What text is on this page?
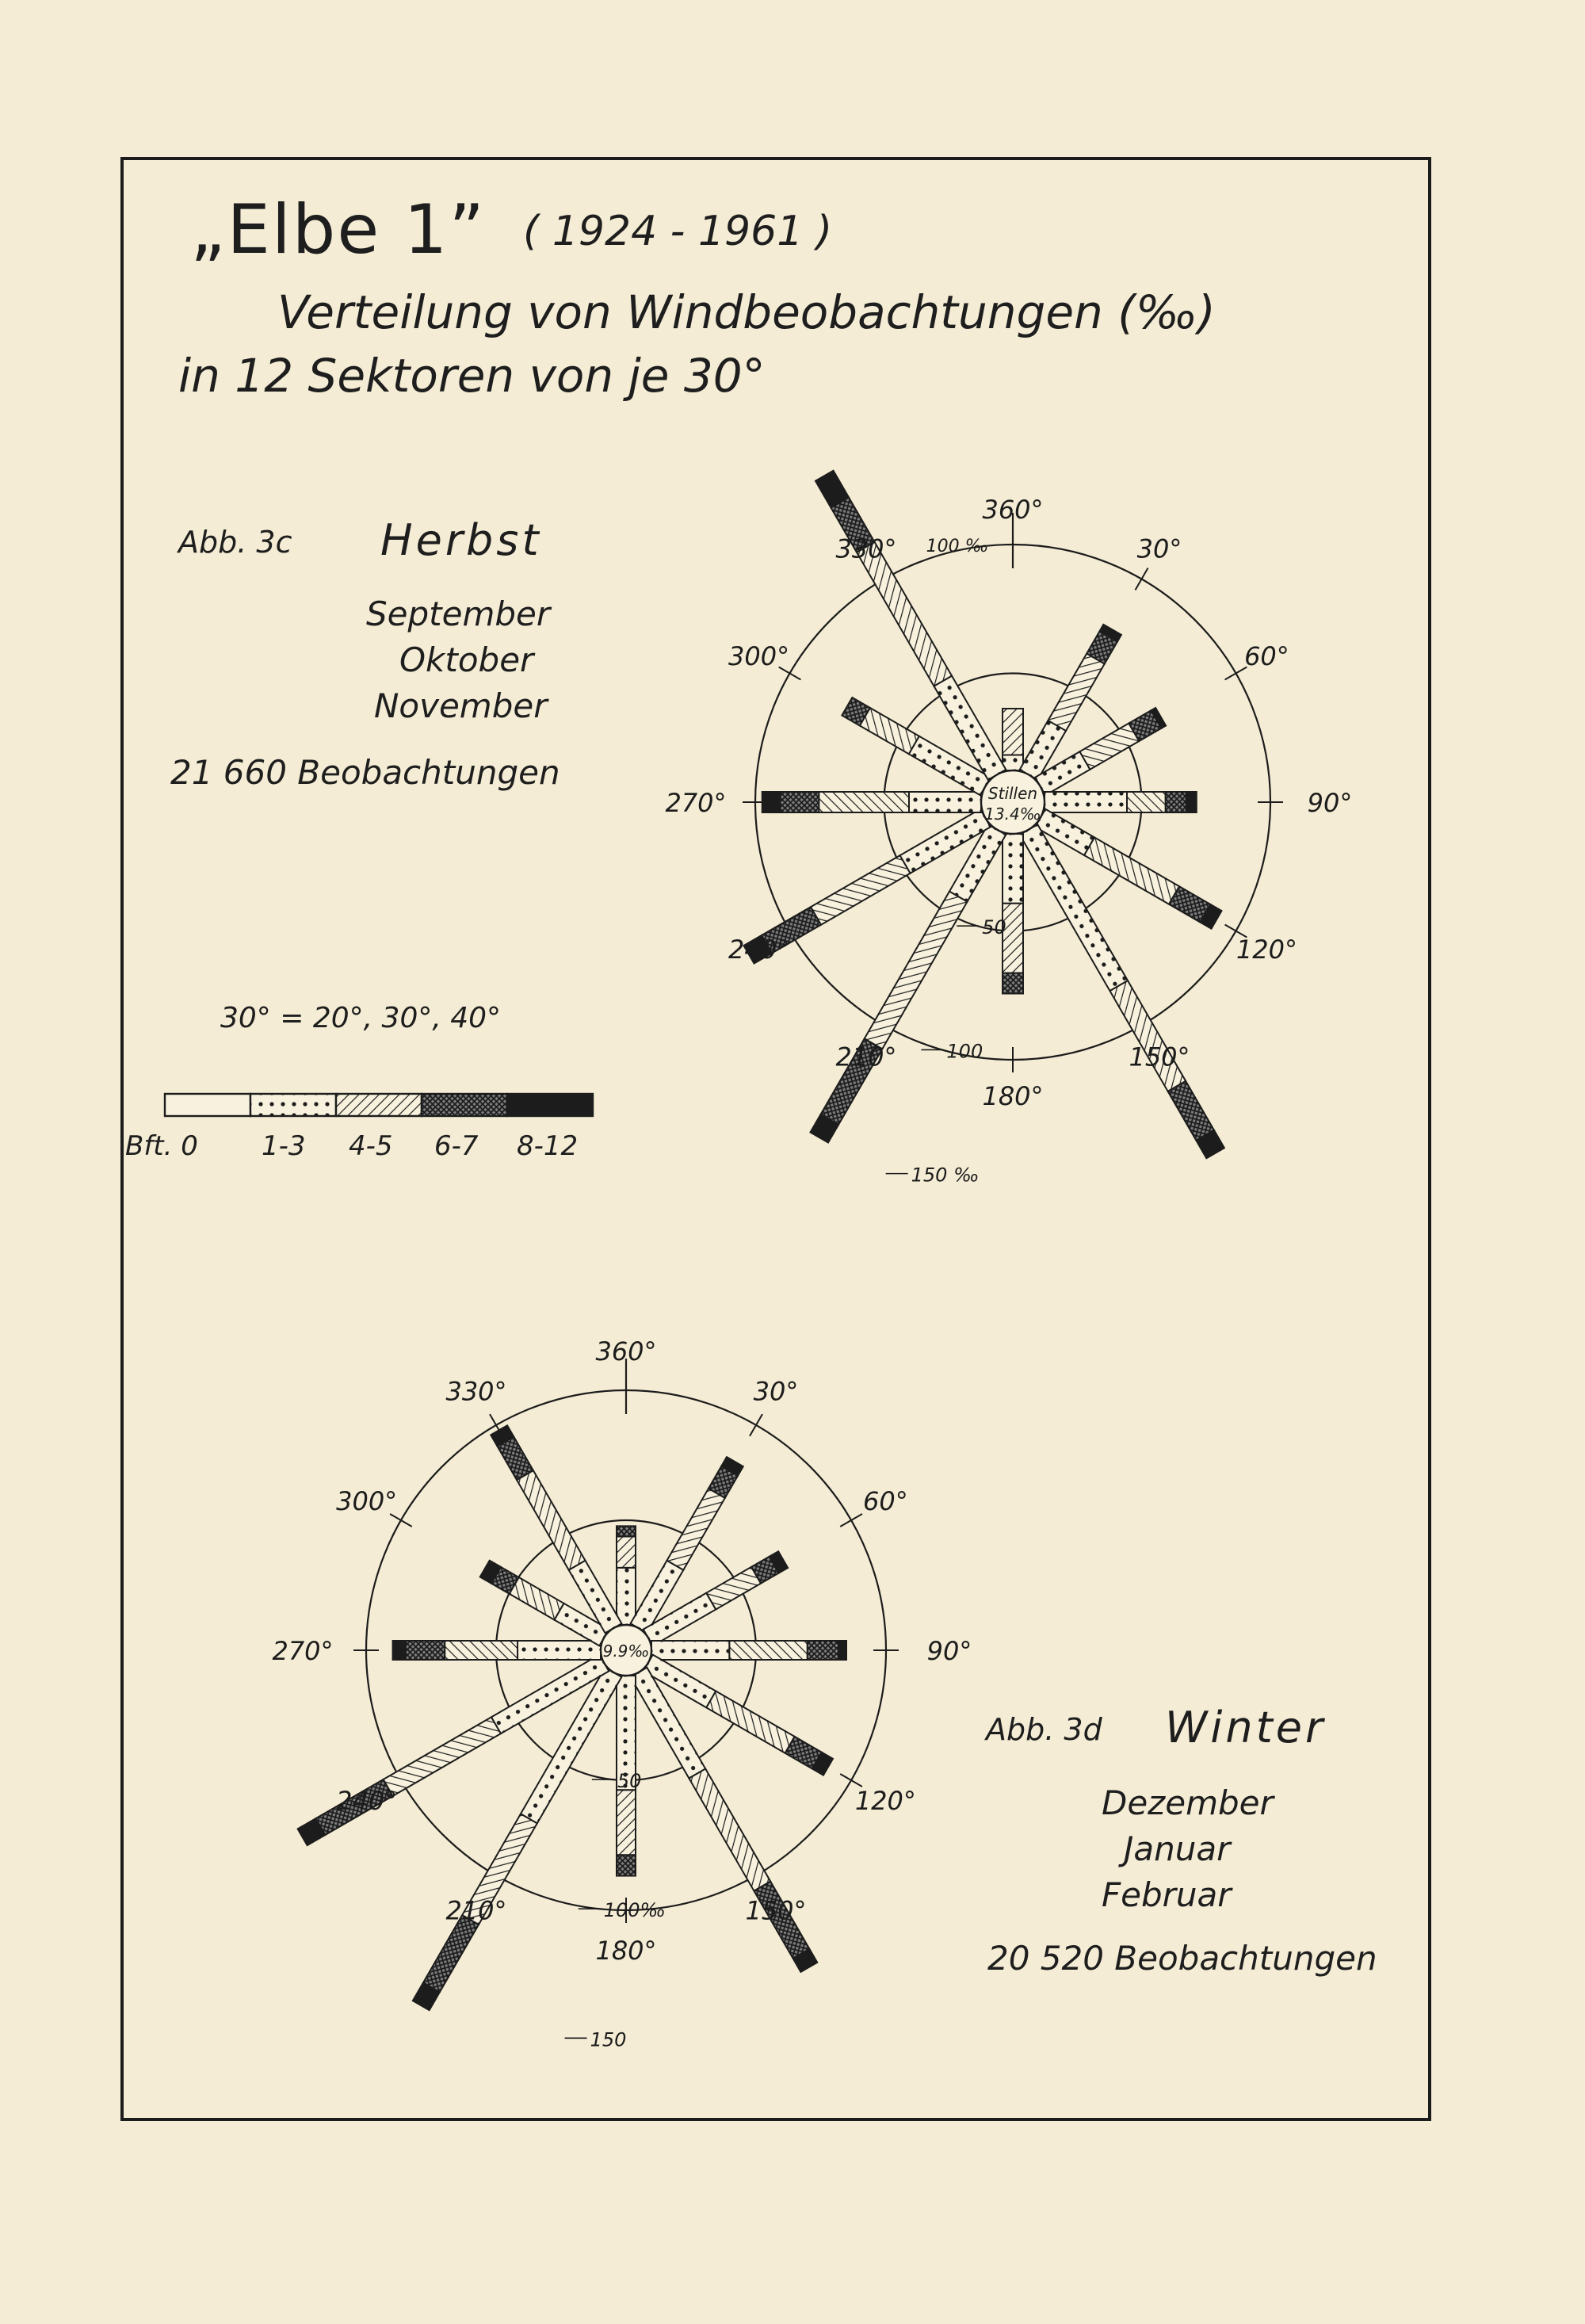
Stillen
13.4‰
360°
30°
60°
90°
120°
150°
180°
210°
240°
270°
300°
330°
50
100
150 ‰
100 ‰
9.9‰
360°
30°
60°
90°
120°
150°
180°
210°
240°
270°
300°
330°
50
100‰
150
„Elbe 1” ( 1924 - 1961 )
Verteilung von Windbeobachtungen (‰)
in 12 Sektoren von je 30°
Abb. 3c Herbst
September
Oktober
November
21 660 Beobachtungen
30° = 20°, 30°, 40°
Bft. 0 1-3 4-5 6-7 8-12
Abb. 3d Winter
Dezember
Januar
Februar
20 520 Beobachtungen
